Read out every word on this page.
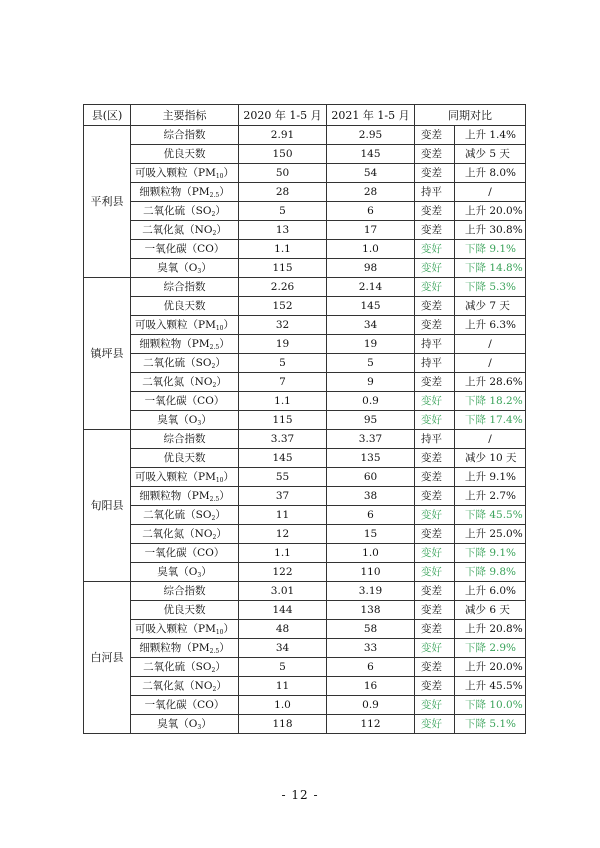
县(区)	主要指标	2020 年 1-5 月	2021 年 1-5 月	同期对比	
平利县	综合指数	2.91	2.95	变差	上升 1.4%
	优良天数	150	145	变差	减少 5 天
	可吸入颗粒$(PM_{10})$	50	54	变差	上升 8.0%
	细颗粒物$(PM_{2.5})$	28	28	持平	/
	二氧化硫$(SO_2)$	5	6	变差	上升 20.0%
	二氧化氮$(NO_2)$	13	17	变差	上升 30.8%
	一氧化碳（CO）	1.1	1.0	变好	下降 9.1%
	臭氧$(O_3)$	115	98	变好	下降 14.8%
镇坪县	综合指数	2.26	2.14	变好	下降 5.3%
	优良天数	152	145	变差	减少 7 天
	可吸入颗粒$(PM_{10})$	32	34	变差	上升 6.3%
	细颗粒物$(PM_{2.5})$	19	19	持平	/
	二氧化硫$(SO_2)$	5	5	持平	/
	二氧化氮$(NO_2)$	7	9	变差	上升 28.6%
	一氧化碳（CO）	1.1	0.9	变好	下降 18.2%
	臭氧$(O_3)$	115	95	变好	下降 17.4%
旬阳县	综合指数	3.37	3.37	持平	/
	优良天数	145	135	变差	减少 10 天
	可吸入颗粒$(PM_{10})$	55	60	变差	上升 9.1%
	细颗粒物$(PM_{2.5})$	37	38	变差	上升 2.7%
	二氧化硫$(SO_2)$	11	6	变好	下降 45.5%
	二氧化氮$(NO_2)$	12	15	变差	上升 25.0%
	一氧化碳（CO）	1.1	1.0	变好	下降 9.1%
	臭氧$(O_3)$	122	110	变好	下降 9.8%
白河县	综合指数	3.01	3.19	变差	上升 6.0%
	优良天数	144	138	变差	减少 6 天
	可吸入颗粒$(PM_{10})$	48	58	变差	上升 20.8%
	细颗粒物$(PM_{2.5})$	34	33	变好	下降 2.9%
	二氧化硫$(SO_2)$	5	6	变差	上升 20.0%
	二氧化氮$(NO_2)$	11	16	变差	上升 45.5%
	一氧化碳（CO）	1.0	0.9	变好	下降 10.0%
	臭氧$(O_3)$	118	112	变好	下降 5.1%
- 12 -
